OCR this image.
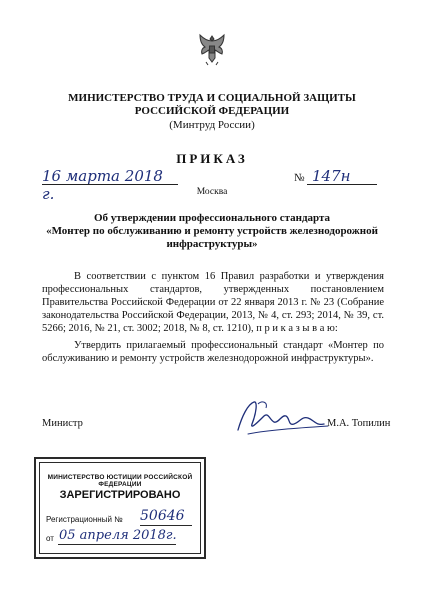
МИНИСТЕРСТВО ТРУДА И СОЦИАЛЬНОЙ ЗАЩИТЫ
РОССИЙСКОЙ ФЕДЕРАЦИИ
(Минтруд России)
ПРИКАЗ
16 марта 2018 г.
№ 147н
Москва
Об утверждении профессионального стандарта
«Монтер по обслуживанию и ремонту устройств железнодорожной
инфраструктуры»
В соответствии с пунктом 16 Правил разработки и утверждения профессиональных стандартов, утвержденных постановлением Правительства Российской Федерации от 22 января 2013 г. № 23 (Собрание законодательства Российской Федерации, 2013, № 4, ст. 293; 2014, № 39, ст. 5266; 2016, № 21, ст. 3002; 2018, № 8, ст. 1210), п р и к а з ы в а ю:
Утвердить прилагаемый профессиональный стандарт «Монтер по обслуживанию и ремонту устройств железнодорожной инфраструктуры».
Министр	М.А. Топилин
МИНИСТЕРСТВО ЮСТИЦИИ РОССИЙСКОЙ ФЕДЕРАЦИИ
ЗАРЕГИСТРИРОВАНО
Регистрационный № 50646
от 05 апреля 2018г.
